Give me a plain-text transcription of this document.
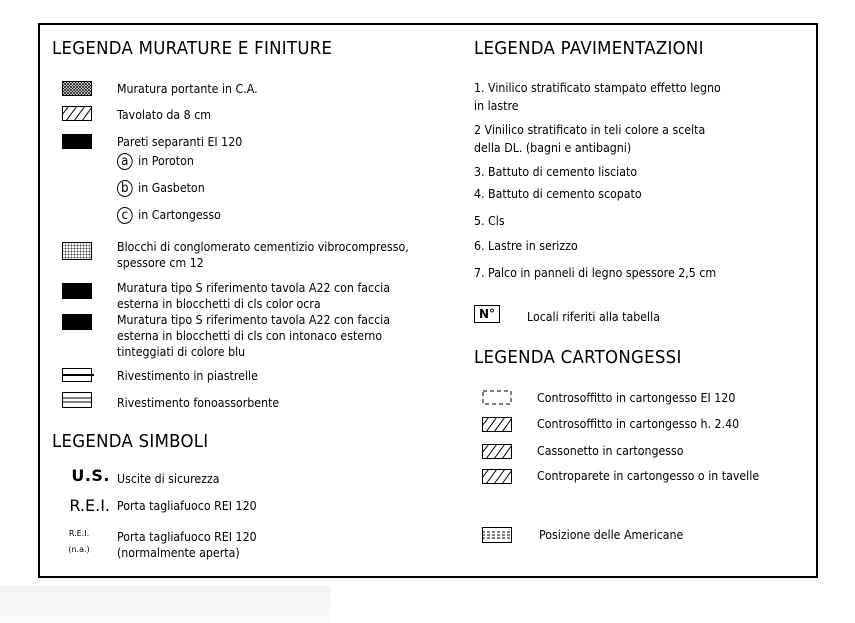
LEGENDA MURATURE E FINITURE
Muratura portante in C.A.
Tavolato da 8 cm
Pareti separanti EI 120
a in Poroton
b in Gasbeton
c in Cartongesso
Blocchi di conglomerato cementizio vibrocompresso,
spessore cm 12
Muratura tipo S riferimento tavola A22 con faccia
esterna in blocchetti di cls color ocra
Muratura tipo S riferimento tavola A22 con faccia
esterna in blocchetti di cls con intonaco esterno
tinteggiati di colore blu
Rivestimento in piastrelle
Rivestimento fonoassorbente
LEGENDA SIMBOLI
U.S. Uscite di sicurezza
R.E.I. Porta tagliafuoco REI 120
R.E.I.
(n.a.)
Porta tagliafuoco REI 120
(normalmente aperta)
LEGENDA PAVIMENTAZIONI
1. Vinilico stratificato stampato effetto legno
in lastre
2 Vinilico stratificato in teli colore a scelta
della DL. (bagni e antibagni)
3. Battuto di cemento lisciato
4. Battuto di cemento scopato
5. Cls
6. Lastre in serizzo
7. Palco in panneli di legno spessore 2,5 cm
N°	Locali riferiti alla tabella
LEGENDA CARTONGESSI
Controsoffitto in cartongesso EI 120
Controsoffitto in cartongesso h. 2.40
Cassonetto in cartongesso
Controparete in cartongesso o in tavelle
Posizione delle Americane
